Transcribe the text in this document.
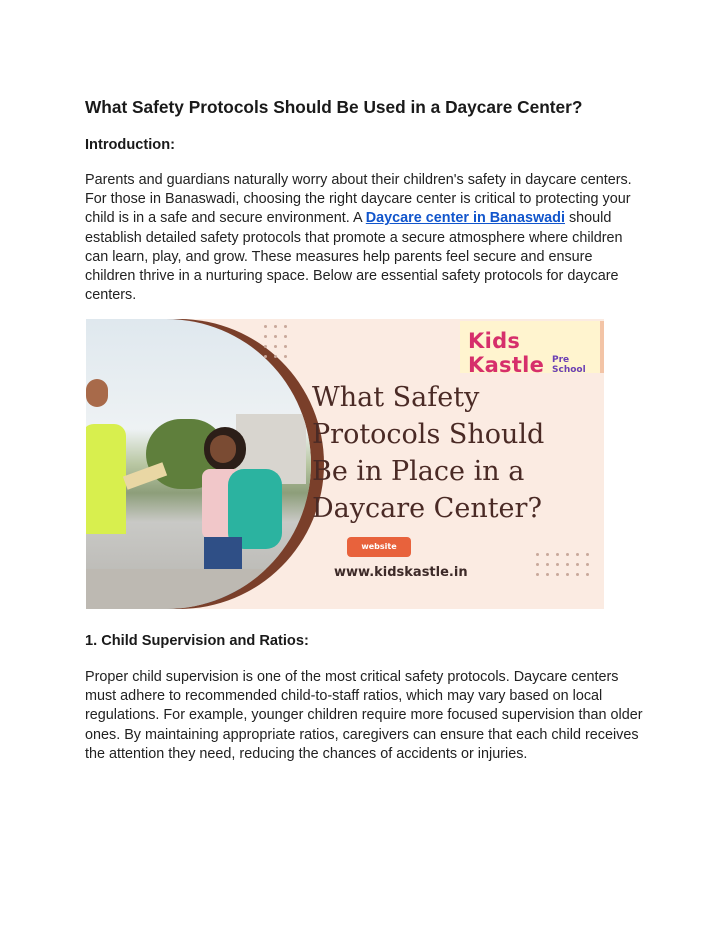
What Safety Protocols Should Be Used in a Daycare Center?
Introduction:
Parents and guardians naturally worry about their children's safety in daycare centers.
For those in Banaswadi, choosing the right daycare center is critical to protecting your
child is in a safe and secure environment. A Daycare center in Banaswadi should
establish detailed safety protocols that promote a secure atmosphere where children
can learn, play, and grow. These measures help parents feel secure and ensure
children thrive in a nurturing space. Below are essential safety protocols for daycare
centers.
Kids Kastle Pre School
What Safety
Protocols Should
Be in Place in a
Daycare Center?
website
www.kidskastle.in
1. Child Supervision and Ratios:
Proper child supervision is one of the most critical safety protocols. Daycare centers
must adhere to recommended child-to-staff ratios, which may vary based on local
regulations. For example, younger children require more focused supervision than older
ones. By maintaining appropriate ratios, caregivers can ensure that each child receives
the attention they need, reducing the chances of accidents or injuries.
